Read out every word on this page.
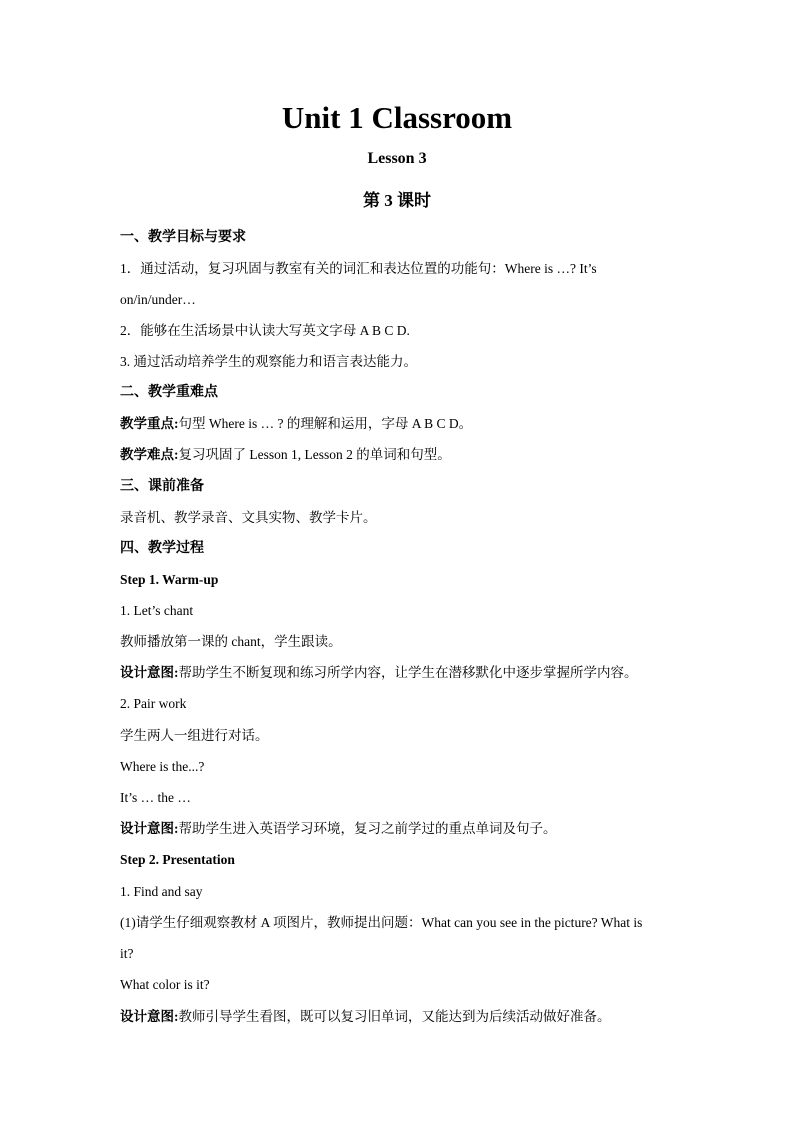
Unit 1 Classroom
Lesson 3
第 3 课时
一、教学目标与要求
1．通过活动，复习巩固与教室有关的词汇和表达位置的功能句：Where is …? It’s
on/in/under…
2．能够在生活场景中认读大写英文字母 A B C D.
3. 通过活动培养学生的观察能力和语言表达能力。
二、教学重难点
教学重点:句型 Where is … ? 的理解和运用，字母 A B C D。
教学难点:复习巩固了 Lesson 1, Lesson 2 的单词和句型。
三、课前准备
录音机、教学录音、文具实物、教学卡片。
四、教学过程
Step 1. Warm-up
1. Let’s chant
教师播放第一课的 chant，学生跟读。
设计意图:帮助学生不断复现和练习所学内容，让学生在潜移默化中逐步掌握所学内容。
2. Pair work
学生两人一组进行对话。
Where is the...?
It’s … the …
设计意图:帮助学生进入英语学习环境，复习之前学过的重点单词及句子。
Step 2. Presentation
1. Find and say
(1)请学生仔细观察教材 A 项图片，教师提出问题：What can you see in the picture? What is
it?
What color is it?
设计意图:教师引导学生看图，既可以复习旧单词，又能达到为后续活动做好准备。
